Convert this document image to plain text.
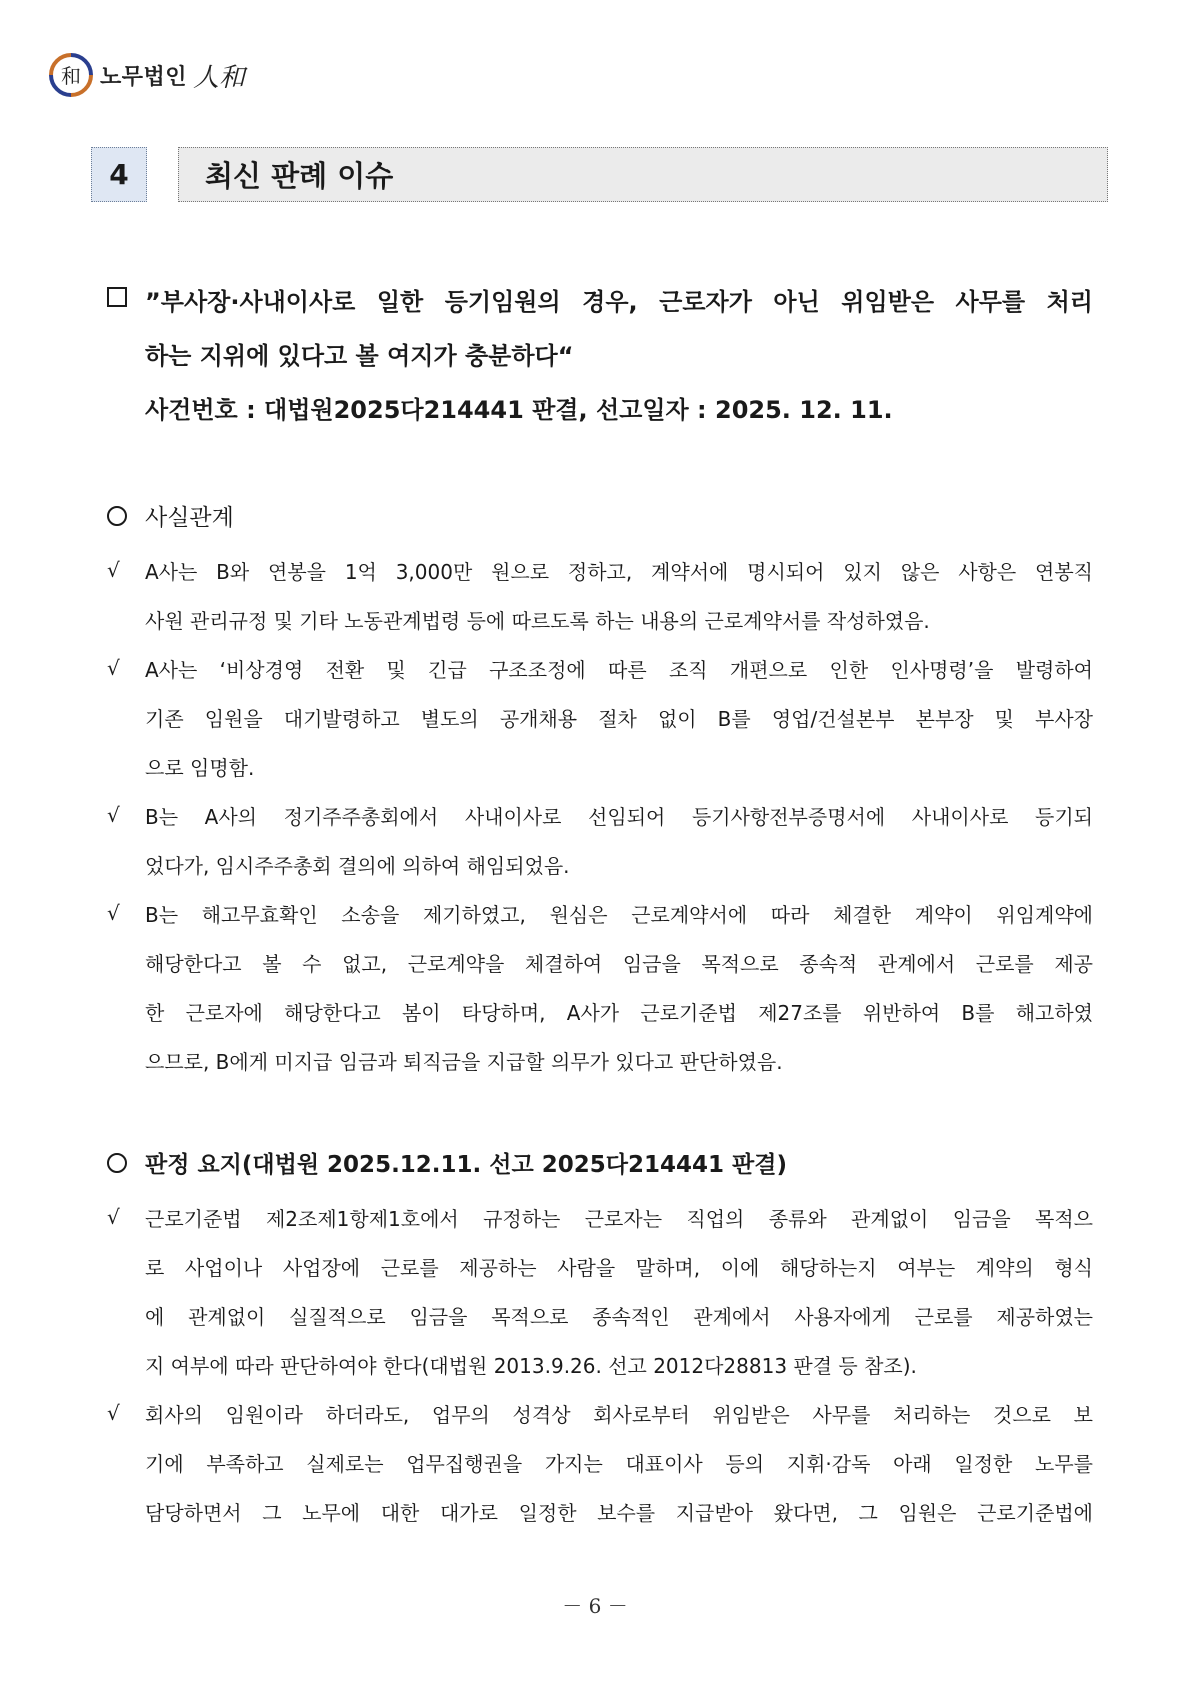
和 노무법인 人和
4	최신 판례 이슈
”부사장·사내이사로 일한 등기임원의 경우, 근로자가 아닌 위임받은 사무를 처리
하는 지위에 있다고 볼 여지가 충분하다“
사건번호 : 대법원2025다214441 판결, 선고일자 : 2025. 12. 11.
사실관계
√ A사는 B와 연봉을 1억 3,000만 원으로 정하고, 계약서에 명시되어 있지 않은 사항은 연봉직
사원 관리규정 및 기타 노동관계법령 등에 따르도록 하는 내용의 근로계약서를 작성하였음.
√ A사는 ‘비상경영 전환 및 긴급 구조조정에 따른 조직 개편으로 인한 인사명령’을 발령하여
기존 임원을 대기발령하고 별도의 공개채용 절차 없이 B를 영업/건설본부 본부장 및 부사장
으로 임명함.
√ B는 A사의 정기주주총회에서 사내이사로 선임되어 등기사항전부증명서에 사내이사로 등기되
었다가, 임시주주총회 결의에 의하여 해임되었음.
√ B는 해고무효확인 소송을 제기하였고, 원심은 근로계약서에 따라 체결한 계약이 위임계약에
해당한다고 볼 수 없고, 근로계약을 체결하여 임금을 목적으로 종속적 관계에서 근로를 제공
한 근로자에 해당한다고 봄이 타당하며, A사가 근로기준법 제27조를 위반하여 B를 해고하였
으므로, B에게 미지급 임금과 퇴직금을 지급할 의무가 있다고 판단하였음.
판정 요지(대법원 2025.12.11. 선고 2025다214441 판결)
√ 근로기준법 제2조제1항제1호에서 규정하는 근로자는 직업의 종류와 관계없이 임금을 목적으
로 사업이나 사업장에 근로를 제공하는 사람을 말하며, 이에 해당하는지 여부는 계약의 형식
에 관계없이 실질적으로 임금을 목적으로 종속적인 관계에서 사용자에게 근로를 제공하였는
지 여부에 따라 판단하여야 한다(대법원 2013.9.26. 선고 2012다28813 판결 등 참조).
√ 회사의 임원이라 하더라도, 업무의 성격상 회사로부터 위임받은 사무를 처리하는 것으로 보
기에 부족하고 실제로는 업무집행권을 가지는 대표이사 등의 지휘·감독 아래 일정한 노무를
담당하면서 그 노무에 대한 대가로 일정한 보수를 지급받아 왔다면, 그 임원은 근로기준법에
－ 6 －
